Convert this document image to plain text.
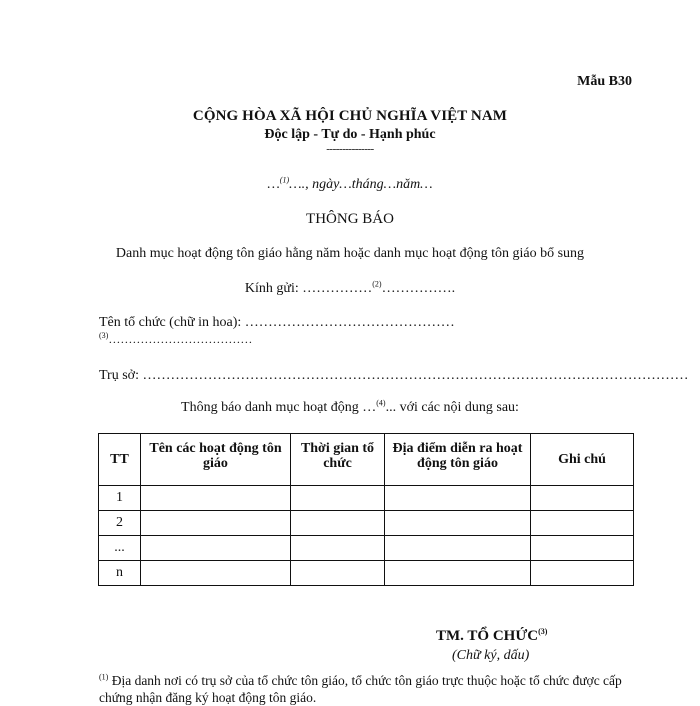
Mẫu B30
CỘNG HÒA XÃ HỘI CHỦ NGHĨA VIỆT NAM
Độc lập - Tự do - Hạnh phúc
---------------
…$^{(1)}$…., ngày…tháng…năm…
THÔNG BÁO
Danh mục hoạt động tôn giáo hằng năm hoặc danh mục hoạt động tôn giáo bổ sung
Kính gửi: ……………$^{(2)}$…………….
Tên tổ chức (chữ in hoa): ………………………………………
$^{(3)}$………………………………
Trụ sở: ………………………………………………………………………………………………………
Thông báo danh mục hoạt động …$^{(4)}$... với các nội dung sau:
TT	Tên các hoạt động tôn giáo	Thời gian tổ chức	Địa điểm diễn ra hoạt động tôn giáo	Ghi chú
1				
2				
...				
n				
TM. TỔ CHỨC$^{(3)}$
(Chữ ký, dấu)
$^{(1)}$ Địa danh nơi có trụ sở của tổ chức tôn giáo, tổ chức tôn giáo trực thuộc hoặc tổ chức được cấp chứng nhận đăng ký hoạt động tôn giáo.
